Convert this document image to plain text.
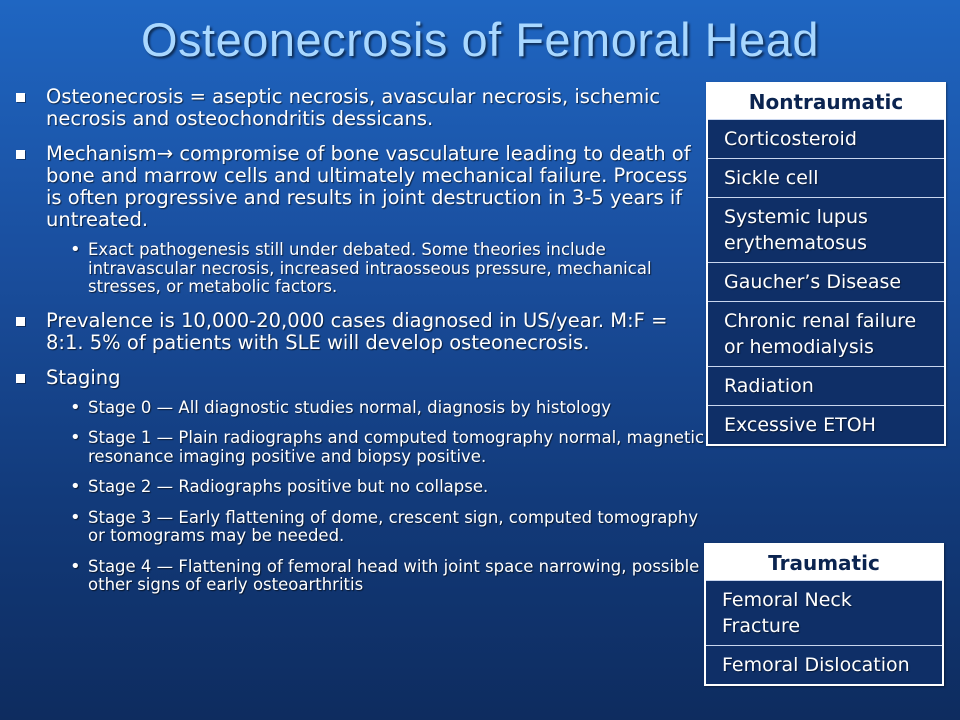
Osteonecrosis of Femoral Head
Osteonecrosis = aseptic necrosis, avascular necrosis, ischemic necrosis and osteochondritis dessicans.
Mechanism→ compromise of bone vasculature leading to death of bone and marrow cells and ultimately mechanical failure. Process is often progressive and results in joint destruction in 3-5 years if untreated.
• Exact pathogenesis still under debated. Some theories include intravascular necrosis, increased intraosseous pressure, mechanical stresses, or metabolic factors.
Prevalence is 10,000-20,000 cases diagnosed in US/year. M:F = 8:1. 5% of patients with SLE will develop osteonecrosis.
Staging
• Stage 0 — All diagnostic studies normal, diagnosis by histology
• Stage 1 — Plain radiographs and computed tomography normal, magnetic resonance imaging positive and biopsy positive.
• Stage 2 — Radiographs positive but no collapse.
• Stage 3 — Early flattening of dome, crescent sign, computed tomography or tomograms may be needed.
• Stage 4 — Flattening of femoral head with joint space narrowing, possible other signs of early osteoarthritis
Nontraumatic
Corticosteroid
Sickle cell
Systemic lupus erythematosus
Gaucher’s Disease
Chronic renal failure or hemodialysis
Radiation
Excessive ETOH
Traumatic
Femoral Neck Fracture
Femoral Dislocation
